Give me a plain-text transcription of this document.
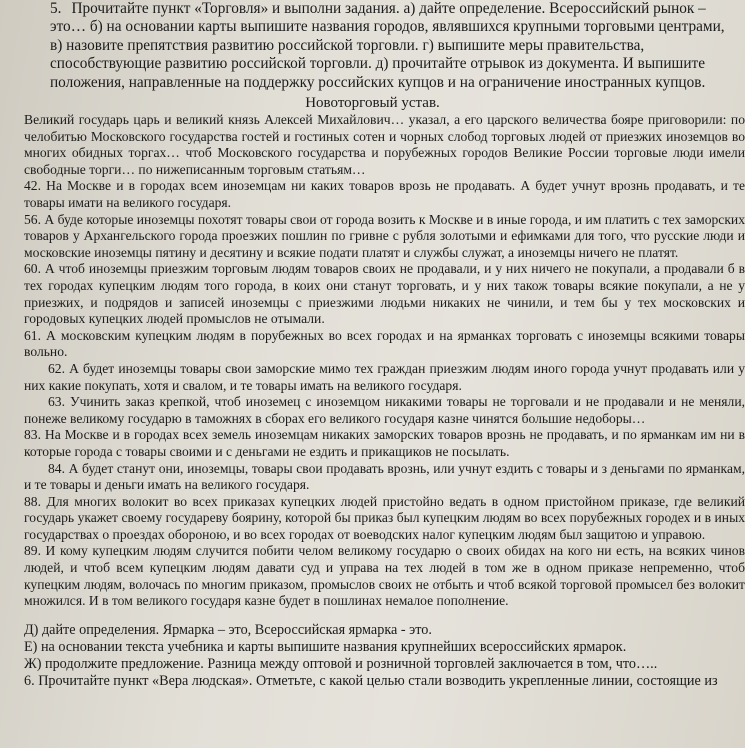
5. Прочитайте пункт «Торговля» и выполни задания. а) дайте определение. Всероссийский рынок – это… б) на основании карты выпишите названия городов, являвшихся крупными торговыми центрами, в) назовите препятствия развитию российской торговли. г) выпишите меры правительства, способствующие развитию российской торговли. д) прочитайте отрывок из документа. И выпишите положения, направленные на поддержку российских купцов и на ограничение иностранных купцов.

Новоторговый устав.

Великий государь царь и великий князь Алексей Михайлович… указал, а его царского величества бояре приговорили: по челобитью Московского государства гостей и гостиных сотен и чорных слобод торговых людей от приезжих иноземцов во многих обидных торгах… чтоб Московского государства и порубежных городов Великие России торговые люди имели свободные торги… по нижеписанным торговым статьям…

42. На Москве и в городах всем иноземцам ни каких товаров врозь не продавать. А будет учнут врознь продавать, и те товары имати на великого государя.

56. А буде которые иноземцы похотят товары свои от города возить к Москве и в иные города, и им платить с тех заморских товаров у Архангельского города проезжих пошлин по гривне с рубля золотыми и ефимками для того, что русские люди и московские иноземцы пятину и десятину и всякие подати платят и службы служат, а иноземцы ничего не платят.

60. А чтоб иноземцы приезжим торговым людям товаров своих не продавали, и у них ничего не покупали, а продавали б в тех городах купецким людям того города, в коих они станут торговать, и у них також товары всякие покупали, а не у приезжих, и подрядов и записей иноземцы с приезжими людьми никаких не чинили, и тем бы у тех московских и городовых купецких людей промыслов не отымали.

61. А московским купецким людям в порубежных во всех городах и на ярманках торговать с иноземцы всякими товары вольно.

62. А будет иноземцы товары свои заморские мимо тех граждан приезжим людям иного города учнут продавать или у них какие покупать, хотя и свалом, и те товары имать на великого государя.

63. Учинить заказ крепкой, чтоб иноземец с иноземцом никакими товары не торговали и не продавали и не меняли, понеже великому государю в таможнях в сборах его великого государя казне чинятся большие недоборы…

83. На Москве и в городах всех земель иноземцам никаких заморских товаров врознь не продавать, и по ярманкам им ни в которые города с товары своими и с деньгами не ездить и прикащиков не посылать.

84. А будет станут они, иноземцы, товары свои продавать врознь, или учнут ездить с товары и з деньгами по ярманкам, и те товары и деньги имать на великого государя.

88. Для многих волокит во всех приказах купецких людей пристойно ведать в одном пристойном приказе, где великий государь укажет своему государеву боярину, которой бы приказ был купецким людям во всех порубежных городех и в иных государствах о проездах обороною, и во всех городах от воеводских налог купецким людям был защитою и управою.

89. И кому купецким людям случится побити челом великому государю о своих обидах на кого ни есть, на всяких чинов людей, и чтоб всем купецким людям давати суд и управа на тех людей в том же в одном приказе непременно, чтоб купецким людям, волочась по многим приказом, промыслов своих не отбыть и чтоб всякой торговой промысел без волокит множился. И в том великого государя казне будет в пошлинах немалое пополнение.

Д) дайте определения. Ярмарка – это, Всероссийская ярмарка - это.

Е) на основании текста учебника и карты выпишите названия крупнейших всероссийских ярмарок.

Ж) продолжите предложение. Разница между оптовой и розничной торговлей заключается в том, что…..

6. Прочитайте пункт «Вера людская». Отметьте, с какой целью стали возводить укрепленные линии, состоящие из
